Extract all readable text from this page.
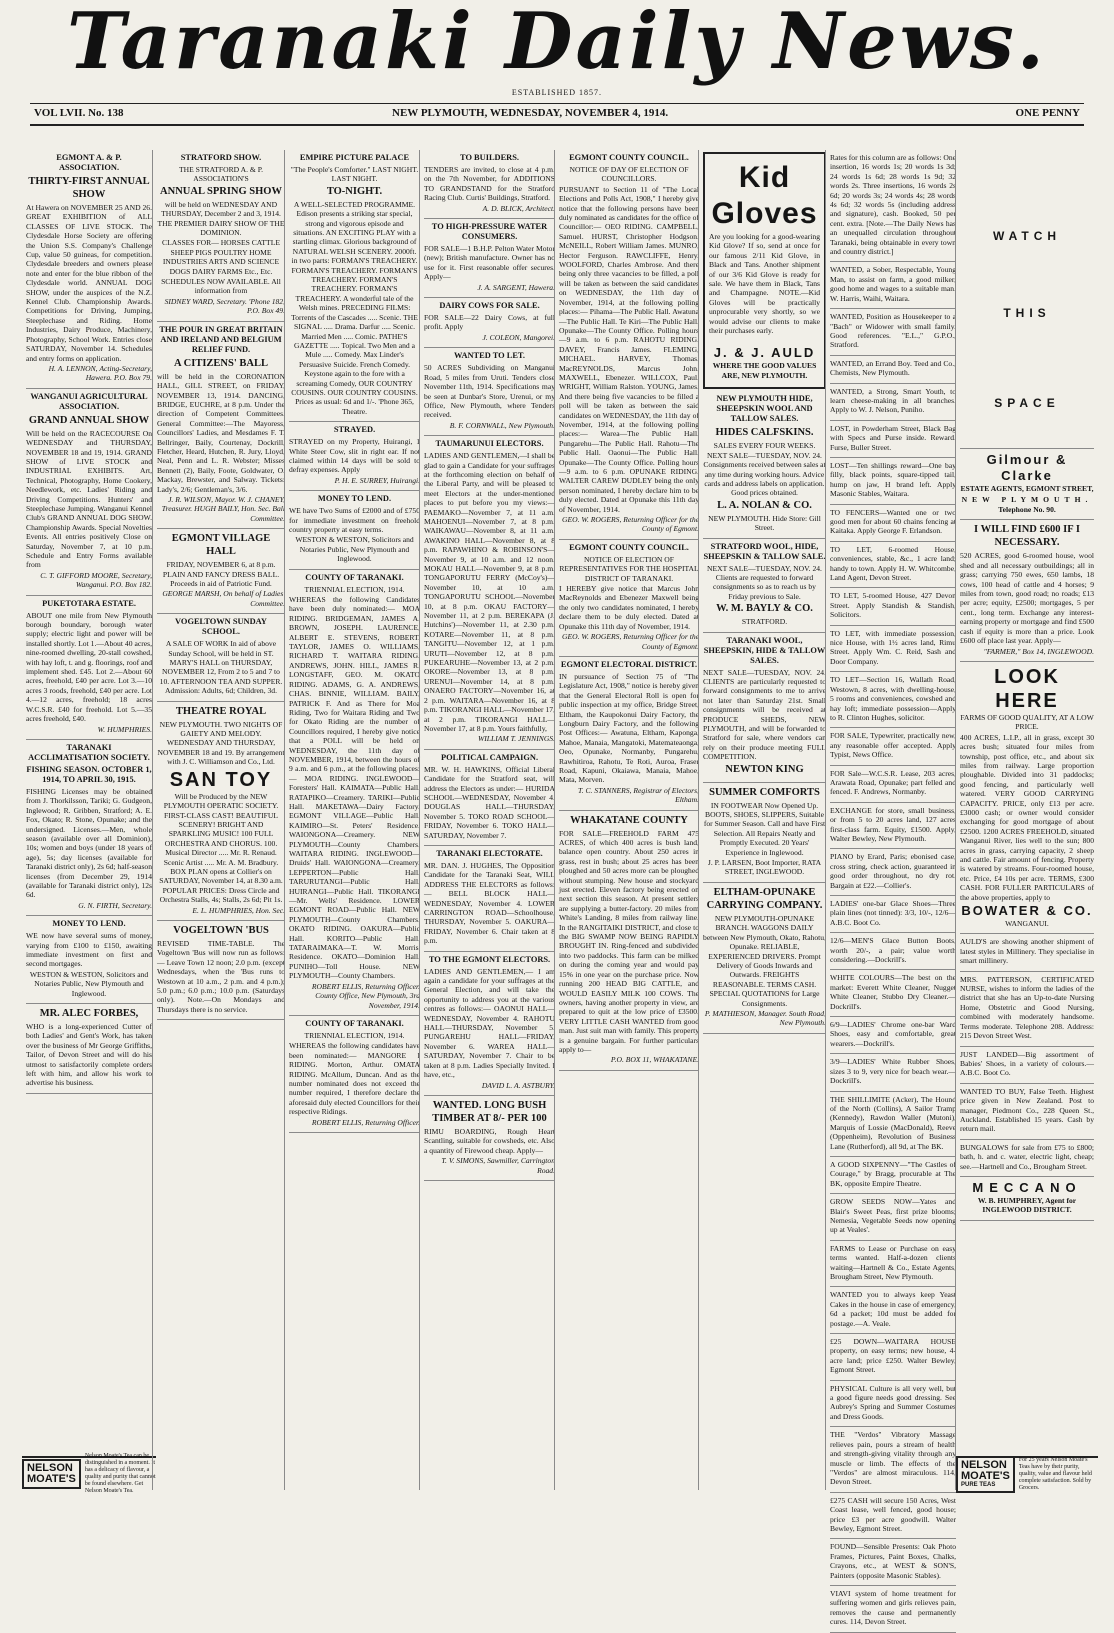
Taranaki Daily News.
ESTABLISHED 1857.
VOL LVII. No. 138	NEW PLYMOUTH, WEDNESDAY, NOVEMBER 4, 1914.	ONE PENNY
EGMONT A. & P. ASSOCIATION.
THIRTY-FIRST ANNUAL SHOW

At Hawera on NOVEMBER 25 AND 26. GREAT EXHIBITION of ALL CLASSES OF LIVE STOCK. The Clydesdale Horse Society are offering the Union S.S. Company's Challenge Cup, value 50 guineas, for competition. Clydesdale breeders and owners please note and enter for the blue ribbon of the Clydesdale world. ANNUAL DOG SHOW, under the auspices of the N.Z. Kennel Club. Championship Awards. Competitions for Driving, Jumping, Steeplechase and Riding. Home Industries, Dairy Produce, Machinery, Photography, School Work. Entries close SATURDAY, November 14. Schedules and entry forms on application.

H. A. LENNON, Acting-Secretary, Hawera. P.O. Box 79.

WANGANUI AGRICULTURAL ASSOCIATION.
GRAND ANNUAL SHOW

Will be held on the RACECOURSE On WEDNESDAY and THURSDAY, NOVEMBER 18 and 19, 1914. GRAND SHOW of LIVE STOCK and INDUSTRIAL EXHIBITS. Art, Technical, Photography, Home Cookery, Needlework, etc. Ladies' Riding and Driving Competitions. Hunters' and Steeplechase Jumping. Wanganui Kennel Club's GRAND ANNUAL DOG SHOW. Championship Awards. Special Novelties Events. All entries positively Close on Saturday, November 7, at 10 p.m. Schedule and Entry Forms available from

C. T. GIFFORD MOORE, Secretary, Wanganui. P.O. Box 182.

PUKETOTARA ESTATE.

ABOUT one mile from New Plymouth borough boundary, borough water supply; electric light and power will be installed shortly. Lot 1.—About 40 acres, nine-roomed dwelling, 20-stall cowshed, with hay loft, t. and g. floorings, roof and implement shed. £45. Lot 2.—About 60 acres, freehold, £40 per acre. Lot 3.—10 acres 3 roods, freehold, £40 per acre. Lot 4.—12 acres, freehold; 18 acres W.C.S.R. £40 for freehold. Lot 5.—35 acres freehold, £40.

W. HUMPHRIES.

TARANAKI ACCLIMATISATION SOCIETY.
FISHING SEASON. OCTOBER 1, 1914, TO APRIL 30, 1915.

FISHING Licenses may be obtained from J. Thorkilsson, Tariki; G. Gudgeon, Inglewood; R. Gribben, Stratford; A. E. Fox, Okato; R. Stone, Opunake; and the undersigned. Licenses.—Men, whole season (available over all Dominion), 10s; women and boys (under 18 years of age), 5s; day licenses (available for Taranaki district only), 2s 6d; half-season licenses (from December 29, 1914 (available for Taranaki district only), 12s 6d.

G. N. FIRTH, Secretary.

MONEY TO LEND.

WE now have several sums of money, varying from £100 to £150, awaiting immediate investment on first and second mortgages.

WESTON & WESTON, Solicitors and Notaries Public, New Plymouth and Inglewood.

MR. ALEC FORBES,

WHO is a long-experienced Cutter of both Ladies' and Gent's Work, has taken over the business of Mr George Griffiths, Tailor, of Devon Street and will do his utmost to satisfactorily complete orders left with him, and allow his work to advertise his business.

NELSON MOATE'S
Nelson Moate's Tea can be distinguished in a moment. It has a delicacy of flavour, a quality and purity that cannot be found elsewhere. Get Nelson Moate's Tea.
STRATFORD SHOW.

THE STRATFORD A. & P. ASSOCIATION'S

ANNUAL SPRING SHOW

will be held on WEDNESDAY AND THURSDAY, December 2 and 3, 1914. THE PREMIER DAIRY SHOW OF THE DOMINION.

CLASSES FOR— HORSES CATTLE SHEEP PIGS POULTRY HOME INDUSTRIES ARTS AND SCIENCE DOGS DAIRY FARMS Etc., Etc.

SCHEDULES NOW AVAILABLE. All information from

SIDNEY WARD, Secretary. 'Phone 182, P.O. Box 49.

THE POUR IN GREAT BRITAIN AND IRELAND AND BELGIUM RELIEF FUND.
A CITIZENS' BALL

will be held in the CORONATION HALL, GILL STREET, on FRIDAY, NOVEMBER 13, 1914. DANCING, BRIDGE, EUCHRE, at 8 p.m. Under the direction of Competent Committees. General Committee:—The Mayoress, Councillors' Ladies, and Mesdames F. T. Bellringer, Baily, Courtenay, Dockrill, Fletcher, Heard, Hutchen, R. Jury, Lloyd, Neal, Penn and L. R. Webster; Misses Bennett (2), Baily, Foote, Goldwater, O. Mackay, Brewster, and Salway. Tickets: Lady's, 2/6; Gentleman's, 3/6.

J. R. WILSON, Mayor. W. J. CHANEY, Treasurer. HUGH BAILY, Hon. Sec. Ball Committee.

EGMONT VILLAGE HALL

FRIDAY, NOVEMBER 6, at 8 p.m. PLAIN AND FANCY DRESS BALL. Proceeds in aid of Patriotic Fund.

GEORGE MARSH, On behalf of Ladies' Committee.

VOGELTOWN SUNDAY SCHOOL.

A SALE OF WORK In aid of above Sunday School, will be held in ST. MARY'S HALL on THURSDAY, NOVEMBER 12, From 2 to 5 and 7 to 10. AFTERNOON TEA AND SUPPER. Admission: Adults, 6d; Children, 3d.

THEATRE ROYAL

NEW PLYMOUTH. TWO NIGHTS OF GAIETY AND MELODY. WEDNESDAY AND THURSDAY, NOVEMBER 18 and 19. By arrangement with J. C. Williamson and Co., Ltd.

SAN TOY

Will be Produced by the NEW PLYMOUTH OPERATIC SOCIETY. FIRST-CLASS CAST! BEAUTIFUL SCENERY! BRIGHT AND SPARKLING MUSIC! 100 FULL ORCHESTRA AND CHORUS. 100. Musical Director ..... Mr. R. Renaud. Scenic Artist ..... Mr. A. M. Bradbury. BOX PLAN opens at Collier's on SATURDAY, November 14, at 8.30 a.m. POPULAR PRICES: Dress Circle and Orchestra Stalls, 4s; Stalls, 2s 6d; Pit 1s.

E. L. HUMPHRIES, Hon. Sec.

VOGELTOWN 'BUS

REVISED TIME-TABLE. The Vogeltown 'Bus will now run as follows:— Leave Town 12 noon; 2.0 p.m. (except Wednesdays, when the 'Bus runs to Westown at 10 a.m., 2 p.m. and 4 p.m.); 5.0 p.m.; 6.0 p.m.; 10.0 p.m. (Saturdays only). Note.—On Mondays and Thursdays there is no service.

EMPIRE PICTURE PALACE

"The People's Comforter." LAST NIGHT. LAST NIGHT.

TO-NIGHT.

A WELL-SELECTED PROGRAMME. Edison presents a striking star special, strong and vigorous episode and situations. AN EXCITING PLAY with a startling climax. Glorious background of NATURAL WELSH SCENERY. 2000ft. in two parts: FORMAN'S TREACHERY. FORMAN'S TREACHERY. FORMAN'S TREACHERY. FORMAN'S TREACHERY. FORMAN'S TREACHERY. A wonderful tale of the Welsh mines. PRECEDING FILMS: Torrents of the Cascades ..... Scenic. THE SIGNAL ..... Drama. Darfur ..... Scenic. Married Men ..... Comic. PATHE'S GAZETTE ..... Topical. Two Men and a Mule ..... Comedy. Max Linder's Persuasive Suicide. French Comedy. Keystone again to the fore with a screaming Comedy, OUR COUNTRY COUSINS. OUR COUNTRY COUSINS. Prices as usual: 6d and 1/-. 'Phone 365, Theatre.

STRAYED.

STRAYED on my Property, Huirangi, 1 White Steer Cow, slit in right ear. If not claimed within 14 days will be sold to defray expenses. Apply

P. H. E. SURREY, Huirangi.

MONEY TO LEND.

WE have Two Sums of £2000 and of £750 for immediate investment on freehold country property at easy terms.

WESTON & WESTON, Solicitors and Notaries Public, New Plymouth and Inglewood.

COUNTY OF TARANAKI.

TRIENNIAL ELECTION, 1914.

WHEREAS the following Candidates have been duly nominated:— MOA RIDING. BRIDGEMAN, JAMES A. BROWN, JOSEPH. LAURENCE, ALBERT E. STEVENS, ROBERT. TAYLOR, JAMES O. WILLIAMS, RICHARD T. WAITARA RIDING. ANDREWS, JOHN. HILL, JAMES R. LONGSTAFF, GEO. M. OKATO RIDING. ADAMS, G. A. ANDREWS, CHAS. BINNIE, WILLIAM. BAILY, PATRICK F. And as There for Moa Riding, Two for Waitara Riding and Two for Okato Riding are the number of Councillors required, I hereby give notice that a POLL will be held on WEDNESDAY, the 11th day of NOVEMBER, 1914, between the hours of 9 a.m. and 6 p.m., at the following places:— MOA RIDING. INGLEWOOD—Foresters' Hall. KAIMATA—Public Hall. RATAPIKO—Creamery. TARIKI—Public Hall. MAKETAWA—Dairy Factory. EGMONT VILLAGE—Public Hall. KAIMIRO—St. Peters' Residence. WAIONGONA—Creamery. NEW PLYMOUTH—County Chambers. WAITARA RIDING. INGLEWOOD—Druids' Hall. WAIONGONA—Creamery. LEPPERTON—Public Hall. TARURUTANGI—Public Hall. HUIRANGI—Public Hall. TIKORANGI—Mr. Wells' Residence. LOWER EGMONT ROAD—Public Hall. NEW PLYMOUTH—County Chambers. OKATO RIDING. OAKURA—Public Hall. KORITO—Public Hall. TATARAIMAKA—T. W. Morris' Residence. OKATO—Dominion Hall. PUNIHO—Toll House. NEW PLYMOUTH—County Chambers.

ROBERT ELLIS, Returning Officer. County Office, New Plymouth, 3rd November, 1914.

COUNTY OF TARANAKI.

TRIENNIAL ELECTION, 1914.

WHEREAS the following candidates have been nominated:— MANGORE I RIDING. Morton, Arthur. OMATA RIDING. McAllum, Duncan. And as the number nominated does not exceed the number required, I therefore declare the aforesaid duly elected Councillors for their respective Ridings.

ROBERT ELLIS, Returning Officer.

TO BUILDERS.

TENDERS are invited, to close at 4 p.m. on the 7th November, for ADDITIONS TO GRANDSTAND for the Stratford Racing Club. Curtis' Buildings, Stratford.

A. D. BLICK, Architect.

TO HIGH-PRESSURE WATER CONSUMERS.

FOR SALE—1 B.H.P. Pelton Water Motor (new); British manufacture. Owner has no use for it. First reasonable offer secures. Apply—

J. A. SARGENT, Hawera.

DAIRY COWS FOR SALE.

FOR SALE—22 Dairy Cows, at full profit. Apply

J. COLEON, Mangorei.

WANTED TO LET.

50 ACRES Subdividing on Manganui Road, 5 miles from Uruti. Tenders close November 11th, 1914. Specifications may be seen at Dunbar's Store, Urenui, or my Office, New Plymouth, where Tenders received.

B. F. CORNWALL, New Plymouth.

TAUMARUNUI ELECTORS.

LADIES AND GENTLEMEN,—I shall be glad to gain a Candidate for your suffrages at the forthcoming election on behalf of the Liberal Party, and will be pleased to meet Electors at the under-mentioned places to put before you my views:— PAEMAKO—November 7, at 11 a.m. MAHOENUI—November 7, at 8 p.m. WAIKAWAU—November 8, at 11 a.m. AWAKINO HALL—November 8, at 8 p.m. RAPAWHINO & ROBINSON'S—November 9, at 10 a.m. and 12 noon. MOKAU HALL—November 9, at 8 p.m. TONGAPORUTU FERRY (McCoy's)—November 10, at 10 a.m. TONGAPORUTU SCHOOL—November 10, at 8 p.m. OKAU FACTORY—November 11, at 2 p.m. BEREKAPA (J. Hutchins')—November 11, at 2.30 p.m. KOTARE—November 11, at 8 p.m. TANGITU—November 12, at 1 p.m. URUTI—November 12, at 8 p.m. PUKEARUHE—November 13, at 2 p.m. OKORE—November 13, at 8 p.m. URENUI—November 14, at 8 p.m. ONAERO FACTORY—November 16, at 2 p.m. WAITARA—November 16, at 8 p.m. TIKORANGI HALL—November 17, at 2 p.m. TIKORANGI HALL—November 17, at 8 p.m. Yours faithfully,

WILLIAM T. JENNINGS.

POLITICAL CAMPAIGN.

MR. W. H. HAWKINS, Official Liberal Candidate for the Stratford seat, will address the Electors as under:— HURIDA SCHOOL—WEDNESDAY, November 4. DOUGLAS HALL—THURSDAY, November 5. TOKO ROAD SCHOOL—FRIDAY, November 6. TOKO HALL—SATURDAY, November 7.

TARANAKI ELECTORATE.

MR. DAN. J. HUGHES, The Opposition Candidate for the Taranaki Seat, WILL ADDRESS THE ELECTORS as follows:— BELL BLOCK HALL—WEDNESDAY, November 4. LOWER CARRINGTON ROAD—Schoolhouse, THURSDAY, November 5. OAKURA—FRIDAY, November 6. Chair taken at 8 p.m.

TO THE EGMONT ELECTORS.

LADIES AND GENTLEMEN,— I am again a candidate for your suffrages at the General Election, and will take the opportunity to address you at the various centres as follows:— OAONUI HALL—WEDNESDAY, November 4. RAHOTU HALL—THURSDAY, November 5. PUNGAREHU HALL—FRIDAY, November 6. WAREA HALL—SATURDAY, November 7. Chair to be taken at 8 p.m. Ladies Specially Invited. I have, etc.,

DAVID L. A. ASTBURY.

WANTED. LONG BUSH TIMBER AT 8/- PER 100

RIMU BOARDING, Rough Heart Scantling, suitable for cowsheds, etc. Also a quantity of Firewood cheap. Apply—

T. V. SIMONS, Sawmiller, Carrington Road.

EGMONT COUNTY COUNCIL.

NOTICE OF DAY OF ELECTION OF COUNCILLORS.

PURSUANT to Section 11 of "The Local Elections and Polls Act, 1908," I hereby give notice that the following persons have been duly nominated as candidates for the office of Councillor:— OEO RIDING. CAMPBELL, Samuel. HURST, Christopher Hodgson. McNEILL, Robert William James. MUNRO, Hector Ferguson. RAWCLIFFE, Henry. WOOLFORD, Charles Ambrose. And there being only three vacancies to be filled, a poll will be taken as between the said candidates on WEDNESDAY, the 11th day of November, 1914, at the following polling places:— Pihama—The Public Hall. Awatuna—The Public Hall. Te Kiri—The Public Hall. Opunake—The County Office. Polling hours—9 a.m. to 6 p.m. RAHOTU RIDING. DAVEY, Francis James. FLEMING, MICHAEL. HARVEY, Thomas. MacREYNOLDS, Marcus John. MAXWELL, Ebenezer. WILLCOX, Paul. WRIGHT, William Ralston. YOUNG, James. And there being five vacancies to be filled a poll will be taken as between the said candidates on WEDNESDAY, the 11th day of November, 1914, at the following polling places:— Warea—The Public Hall. Pungarehu—The Public Hall. Rahotu—The Public Hall. Oaonui—The Public Hall. Opunake—The County Office. Polling hours—9 a.m. to 6 p.m. OPUNAKE RIDING. WALTER CAREW DUDLEY being the only person nominated, I hereby declare him to be duly elected. Dated at Opunake this 11th day of November, 1914.

GEO. W. ROGERS, Returning Officer for the County of Egmont.

EGMONT COUNTY COUNCIL.

NOTICE OF ELECTION OF REPRESENTATIVES FOR THE HOSPITAL DISTRICT OF TARANAKI.

I HEREBY give notice that Marcus John MacReynolds and Ebenezer Maxwell being the only two candidates nominated, I hereby declare them to be duly elected. Dated at Opunake this 11th day of November, 1914.

GEO. W. ROGERS, Returning Officer for the County of Egmont.

EGMONT ELECTORAL DISTRICT.

IN pursuance of Section 75 of "The Legislature Act, 1908," notice is hereby given that the General Electoral Roll is open for public inspection at my office, Bridge Street, Eltham, the Kaupokonui Dairy Factory, the Longburn Dairy Factory, and the following Post Offices:— Awatuna, Eltham, Kaponga, Mahoe, Manaia, Mangatoki, Matemateaonga, Oeo, Opunake, Normanby, Pungarehu, Rawhitiroa, Rahotu, Te Roti, Auroa, Fraser Road, Kapuni, Okaiawa, Manaia, Mahoe, Mata, Morven.

T. C. STANNERS, Registrar of Electors, Eltham.

WHAKATANE COUNTY

FOR SALE—FREEHOLD FARM 475 ACRES, of which 400 acres is bush land, balance open country. About 250 acres in grass, rest in bush; about 25 acres has been ploughed and 50 acres more can be ploughed without stumping. New house and stockyard just erected. Eleven factory being erected on next section this season. At present settlers are supplying a butter-factory. 20 miles from White's Landing, 8 miles from railway line. In the RANGITAIKI DISTRICT, and close to the BIG SWAMP NOW BEING RAPIDLY BROUGHT IN. Ring-fenced and subdivided into two paddocks. This farm can be milked on during the coming year and would pay 15% in one year on the purchase price. Now running 200 HEAD BIG CATTLE, and WOULD EASILY MILK 100 COWS. The owners, having another property in view, are prepared to quit at the low price of £3500. VERY LITTLE CASH WANTED from good man. Just suit man with family. This property is a genuine bargain. For further particulars apply to—

P.O. BOX 11, WHAKATANE.

Kid Gloves

Are you looking for a good-wearing Kid Glove? If so, send at once for our famous 2/11 Kid Glove, in Black and Tans. Another shipment of our 3/6 Kid Glove is ready for sale. We have them in Black, Tans and Champagne. NOTE.—Kid Gloves will be practically unprocurable very shortly, so we would advise our clients to make their purchases early.

J. & J. AULD

WHERE THE GOOD VALUES ARE, NEW PLYMOUTH.

NEW PLYMOUTH HIDE, SHEEPSKIN WOOL AND TALLOW SALES.
HIDES CALFSKINS.

SALES EVERY FOUR WEEKS. NEXT SALE—TUESDAY, NOV. 24. Consignments received between sales at any time during working hours. Advice cards and address labels on application. Good prices obtained.

L. A. NOLAN & CO.

NEW PLYMOUTH. Hide Store: Gill Street.

STRATFORD WOOL, HIDE, SHEEPSKIN & TALLOW SALE.

NEXT SALE—TUESDAY, NOV. 24. Clients are requested to forward consignments so as to reach us by Friday previous to Sale.

W. M. BAYLY & CO.

STRATFORD.

TARANAKI WOOL, SHEEPSKIN, HIDE & TALLOW SALES.

NEXT SALE—TUESDAY, NOV. 24. CLIENTS are particularly requested to forward consignments to me to arrive not later than Saturday 21st. Small consignments will be received at PRODUCE SHEDS, NEW PLYMOUTH, and will be forwarded to Stratford for sale, where vendors can rely on their produce meeting FULL COMPETITION.

NEWTON KING
SUMMER COMFORTS

IN FOOTWEAR Now Opened Up. BOOTS, SHOES, SLIPPERS, Suitable for Summer Season. Call and have First Selection. All Repairs Neatly and Promptly Executed. 20 Years' Experience in Inglewood.

J. P. LARSEN, Boot Importer, RATA STREET, INGLEWOOD.

ELTHAM-OPUNAKE CARRYING COMPANY.

NEW PLYMOUTH-OPUNAKE BRANCH. WAGGONS DAILY between New Plymouth, Okato, Rahotu, Opunake. RELIABLE, EXPERIENCED DRIVERS. Prompt Delivery of Goods Inwards and Outwards. FREIGHTS REASONABLE. TERMS CASH. SPECIAL QUOTATIONS for Large Consignments.

P. MATHIESON, Manager. South Road, New Plymouth.

Rates for this column are as follows: One insertion, 16 words 1s; 20 words 1s 3d; 24 words 1s 6d; 28 words 1s 9d; 32 words 2s. Three insertions, 16 words 2s 6d; 20 words 3s; 24 words 4s; 28 words 4s 6d; 32 words 5s (including address and signature), cash. Booked, 50 per cent. extra. [Note.—The Daily News has an unequalled circulation throughout Taranaki, being obtainable in every town and country district.]

WANTED, a Sober, Respectable, Young Man, to assist on farm, a good milker, good home and wages to a suitable man. W. Harris, Waihi, Waitara.

WANTED, Position as Housekeeper to a "Bach" or Widower with small family. Good references. "E.L.," G.P.O., Stratford.

WANTED, an Errand Boy. Teed and Co., Chemists, New Plymouth.

WANTED, a Strong, Smart Youth, to learn cheese-making in all branches. Apply to W. J. Nelson, Puniho.

LOST, in Powderham Street, Black Bag with Specs and Purse inside. Reward. Furse, Buller Street.

LOST—Ten shillings reward—One bay filly, black points, square-tipped tail, hump on jaw, H brand left. Apply Masonic Stables, Waitara.

TO FENCERS—Wanted one or two good men for about 60 chains fencing at Kaitaka. Apply George F. Erlandson.

TO LET, 6-roomed House, conveniences, stable, &c., 1 acre land; handy to town. Apply H. W. Whitcombe, Land Agent, Devon Street.

TO LET, 5-roomed House, 427 Devon Street. Apply Standish & Standish, Solicitors.

TO LET, with immediate possession, nice House, with 1½ acres land, Rimu Street. Apply Wm. C. Reid, Sash and Door Company.

TO LET—Section 16, Wallath Road, Westown, 8 acres, with dwelling-house, 5 rooms and conveniences, cowshed and hay loft; immediate possession—Apply to R. Clinton Hughes, solicitor.

FOR SALE, Typewriter, practically new, any reasonable offer accepted. Apply Typist, News Office.

FOR Sale—W.C.S.R. Lease, 203 acres, Arawata Road, Opunake; part felled and fenced. F. Andrews, Normanby.

EXCHANGE for store, small business, or from 5 to 20 acres land, 127 acres first-class farm. Equity, £1500. Apply, Walter Bewley, New Plymouth.

PIANO by Erard, Paris; ebonised case, cross string, check action, guaranteed in good order throughout, no dry rot. Bargain at £22.—Collier's.

LADIES' one-bar Glace Shoes—Three plain lines (not tinned): 3/3, 10/-, 12/6—A.B.C. Boot Co.

12/6—MEN'S Glace Button Boots, worth 20/-, a pair; value worth considering.—Dockrill's.

WHITE COLOURS—The best on the market: Everett White Cleaner, Nugget White Cleaner, Stubbo Dry Cleaner.—Dockrill's.

6/9—LADIES' Chrome one-bar Ward Shoes, easy and comfortable, great wearers.—Dockrill's.

3/9—LADIES' White Rubber Shoes, sizes 3 to 9, very nice for beach wear.—Dockrill's.

THE SHILLIMITE (Acker), The Hound of the North (Collins), A Sailor Tramp (Kennedy), Rawdon Waller (Mutoni), Marquis of Lossie (MacDonald), Reeve (Oppenheim), Revolution of Business Lane (Rutherford), all 9d, at The BK.

A GOOD SIXPENNY—"The Castles of Courage," by Bragg, procurable at The BK, opposite Empire Theatre.

GROW SEEDS NOW—Yates and Blair's Sweet Peas, first prize blooms; Nemesia, Vegetable Seeds now opening up at Veales'.

FARMS to Lease or Purchase on easy terms wanted. Half-a-dozen clients waiting—Hartnell & Co., Estate Agents, Brougham Street, New Plymouth.

WANTED you to always keep Yeast Cakes in the house in case of emergency, 6d a packet; 10d must be added for postage.—A. Veale.

£25 DOWN—WAITARA HOUSE property, on easy terms; new house, 4-acre land; price £250. Walter Bewley, Egmont Street.

PHYSICAL Culture is all very well, but a good figure needs good dressing. See Aubrey's Spring and Summer Costumes and Dress Goods.

THE "Verdos" Vibratory Massage relieves pain, pours a stream of health and strength-giving vitality through any muscle or limb. The effects of the "Verdos" are almost miraculous. 114, Devon Street.

£275 CASH will secure 150 Acres, West Coast lease, well fenced, good house; price £3 per acre goodwill. Walter Bewley, Egmont Street.

FOUND—Sensible Presents: Oak Photo Frames, Pictures, Paint Boxes, Chalks, Crayons, etc., at WEST & SON'S, Painters (opposite Masonic Stables).

VIAVI system of home treatment for suffering women and girls relieves pain, removes the cause and permanently cures. 114, Devon Street.

WATCH
THIS
SPACE
Gilmour & Clarke

ESTATE AGENTS, EGMONT STREET,

NEW PLYMOUTH.

Telephone No. 90.

I WILL FIND £600 IF I NECESSARY.

520 ACRES, good 6-roomed house, wool shed and all necessary outbuildings; all in grass; carrying 750 ewes, 650 lambs, 18 cows, 100 head of cattle and 4 horses; 9 miles from town, good road; no roads; £13 per acre; equity, £2500; mortgages, 5 per cent., long term. Exchange any interest-earning property or mortgage and find £500 cash if equity is more than a price. Look £600 off place last year. Apply—

"FARMER," Box 14, INGLEWOOD.

LOOK HERE

FARMS OF GOOD QUALITY, AT A LOW PRICE.

400 ACRES, L.I.P., all in grass, except 30 acres bush; situated four miles from township, post office, etc., and about six miles from railway. Large proportion ploughable. Divided into 31 paddocks; good fencing, and particularly well watered. VERY GOOD CARRYING CAPACITY. PRICE, only £13 per acre. £3000 cash; or owner would consider exchanging for good mortgage of about £2500. 1200 ACRES FREEHOLD, situated Wanganui River, lies well to the sun; 800 acres in grass, carrying capacity, 2 sheep and cattle. Fair amount of fencing. Property is watered by streams. Four-roomed house, etc. Price, £4 10s per acre. TERMS, £300 CASH. FOR FULLER PARTICULARS of the above properties, apply to

BOWATER & CO.

WANGANUI.

AULD'S are showing another shipment of latest styles in Millinery. They specialise in smart millinery.

MRS. PATTERSON, CERTIFICATED NURSE, wishes to inform the ladies of the district that she has an Up-to-date Nursing Home, Obstetric and Good Nursing, combined with moderately handsome. Terms moderate. Telephone 208. Address: 215 Devon Street West.

JUST LANDED—Big assortment of Babies' Shoes, in a variety of colours.—A.B.C. Boot Co.

WANTED TO BUY, False Teeth. Highest price given in New Zealand. Post to manager, Piedmont Co., 228 Queen St., Auckland. Established 15 years. Cash by return mail.

BUNGALOWS for sale from £75 to £800; bath, h. and c. water, electric light, cheap; see.—Hartnell and Co., Brougham Street.

MECCANO

W. B. HUMPHREY, Agent for INGLEWOOD DISTRICT.

NELSON MOATE'S
PURE TEAS
For 25 years Nelson Moate's Teas have by their purity, quality, value and flavour held complete satisfaction. Sold by Grocers.
